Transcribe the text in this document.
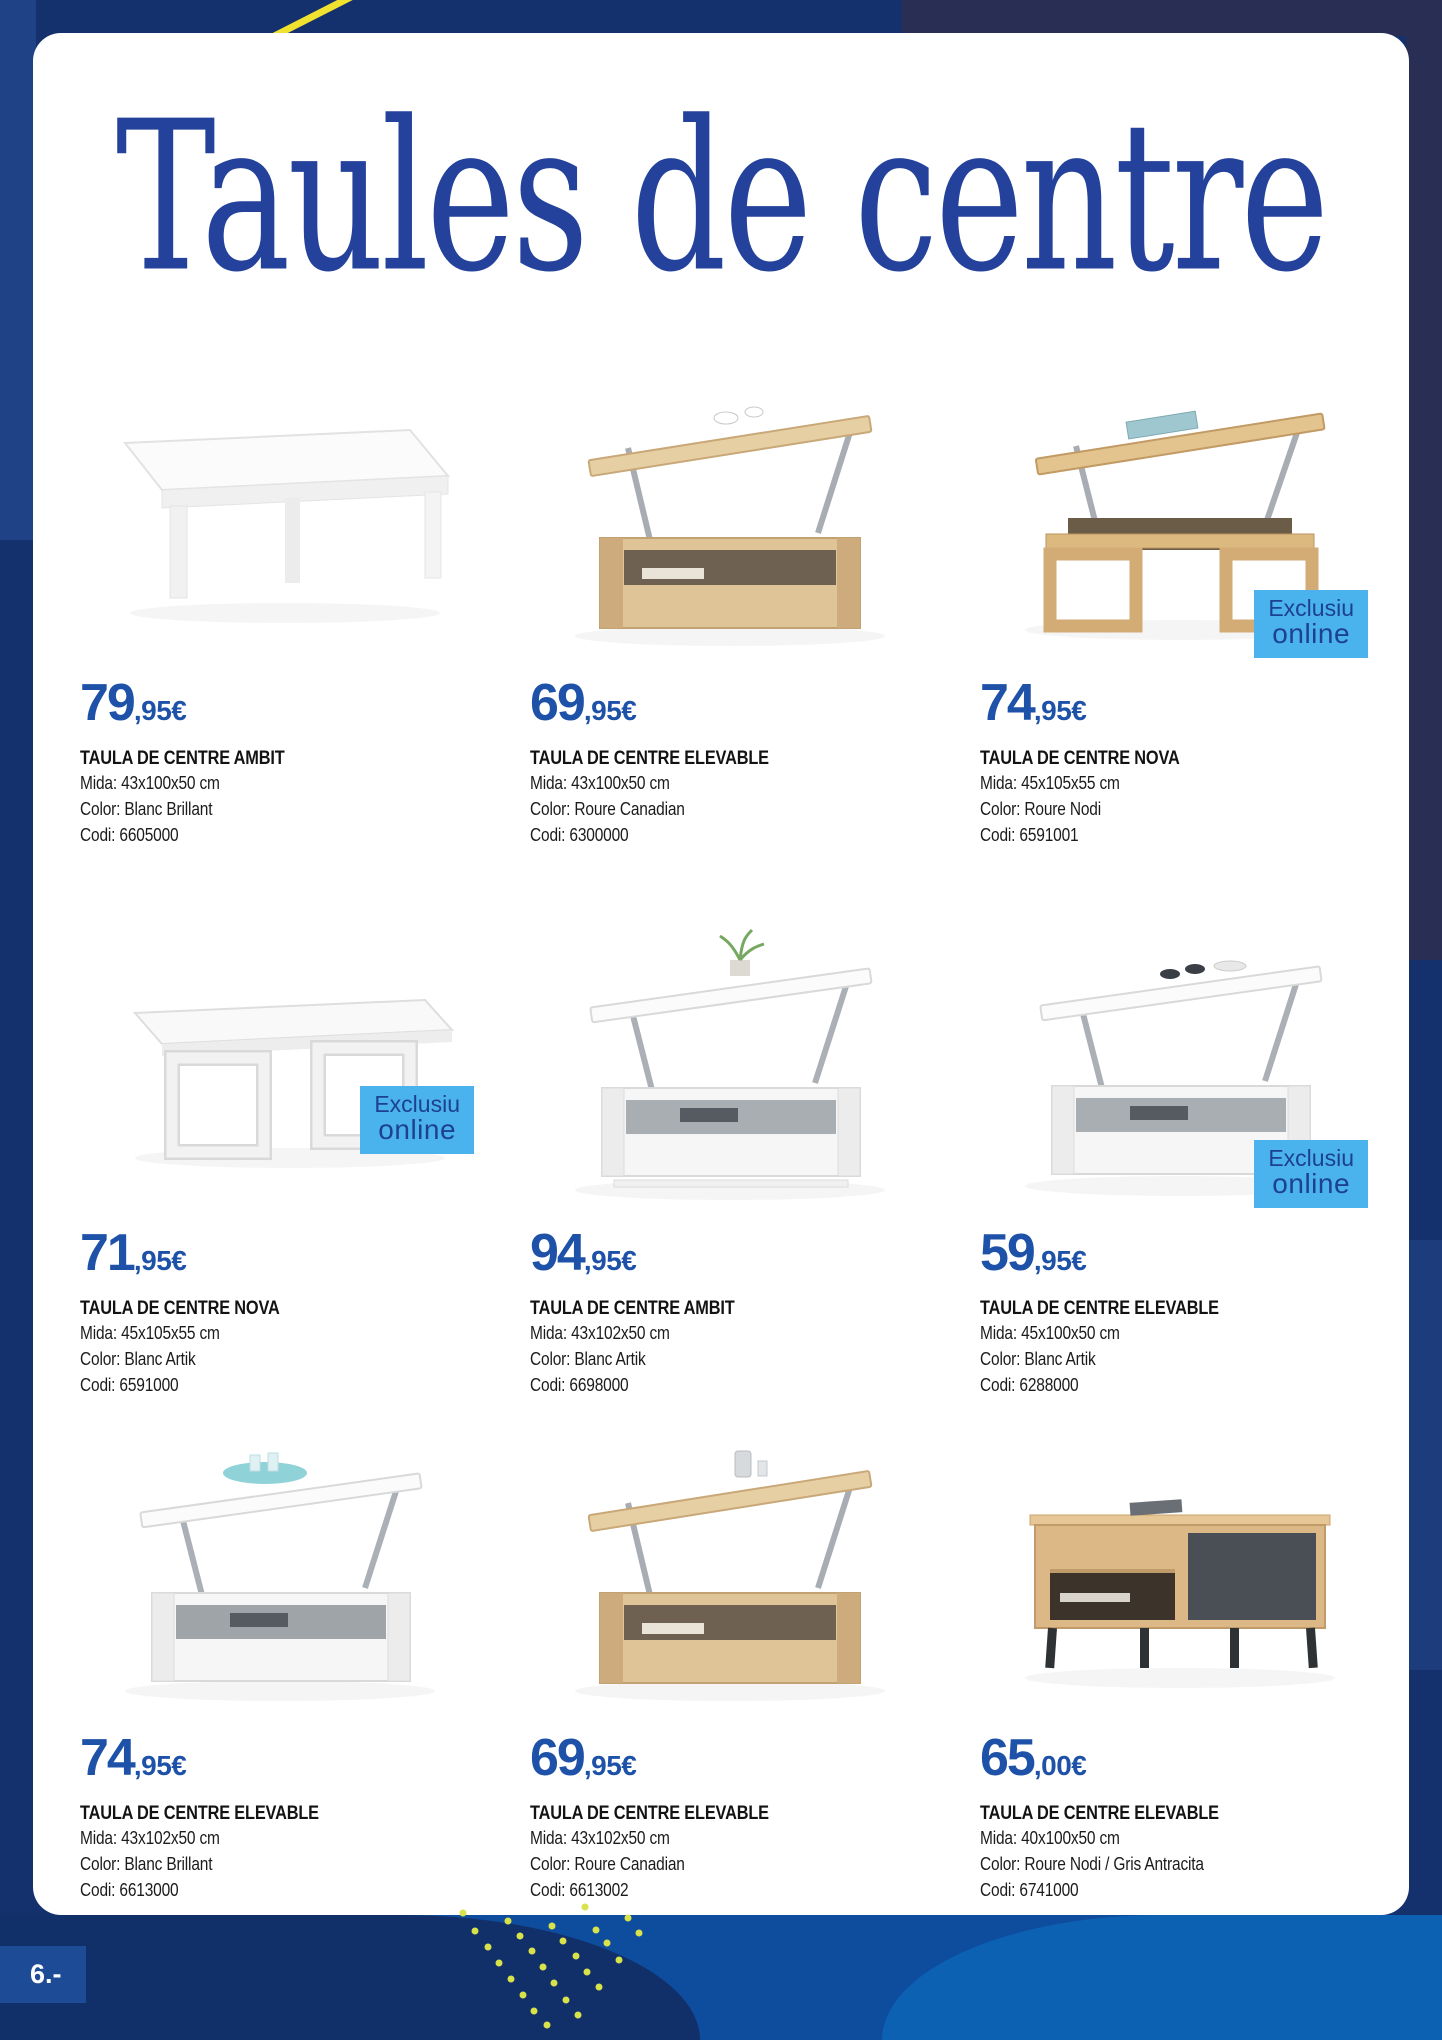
Taules de centre
79,95€
TAULA DE CENTRE AMBIT
Mida: 43x100x50 cm
Color: Blanc Brillant
Codi: 6605000
69,95€
TAULA DE CENTRE ELEVABLE
Mida: 43x100x50 cm
Color: Roure Canadian
Codi: 6300000
Exclusiu
online
74,95€
TAULA DE CENTRE NOVA
Mida: 45x105x55 cm
Color: Roure Nodi
Codi: 6591001
Exclusiu
online
71,95€
TAULA DE CENTRE NOVA
Mida: 45x105x55 cm
Color: Blanc Artik
Codi: 6591000
94,95€
TAULA DE CENTRE AMBIT
Mida: 43x102x50 cm
Color: Blanc Artik
Codi: 6698000
Exclusiu
online
59,95€
TAULA DE CENTRE ELEVABLE
Mida: 45x100x50 cm
Color: Blanc Artik
Codi: 6288000
74,95€
TAULA DE CENTRE ELEVABLE
Mida: 43x102x50 cm
Color: Blanc Brillant
Codi: 6613000
69,95€
TAULA DE CENTRE ELEVABLE
Mida: 43x102x50 cm
Color: Roure Canadian
Codi: 6613002
65,00€
TAULA DE CENTRE ELEVABLE
Mida: 40x100x50 cm
Color: Roure Nodi / Gris Antracita
Codi: 6741000
6.-
